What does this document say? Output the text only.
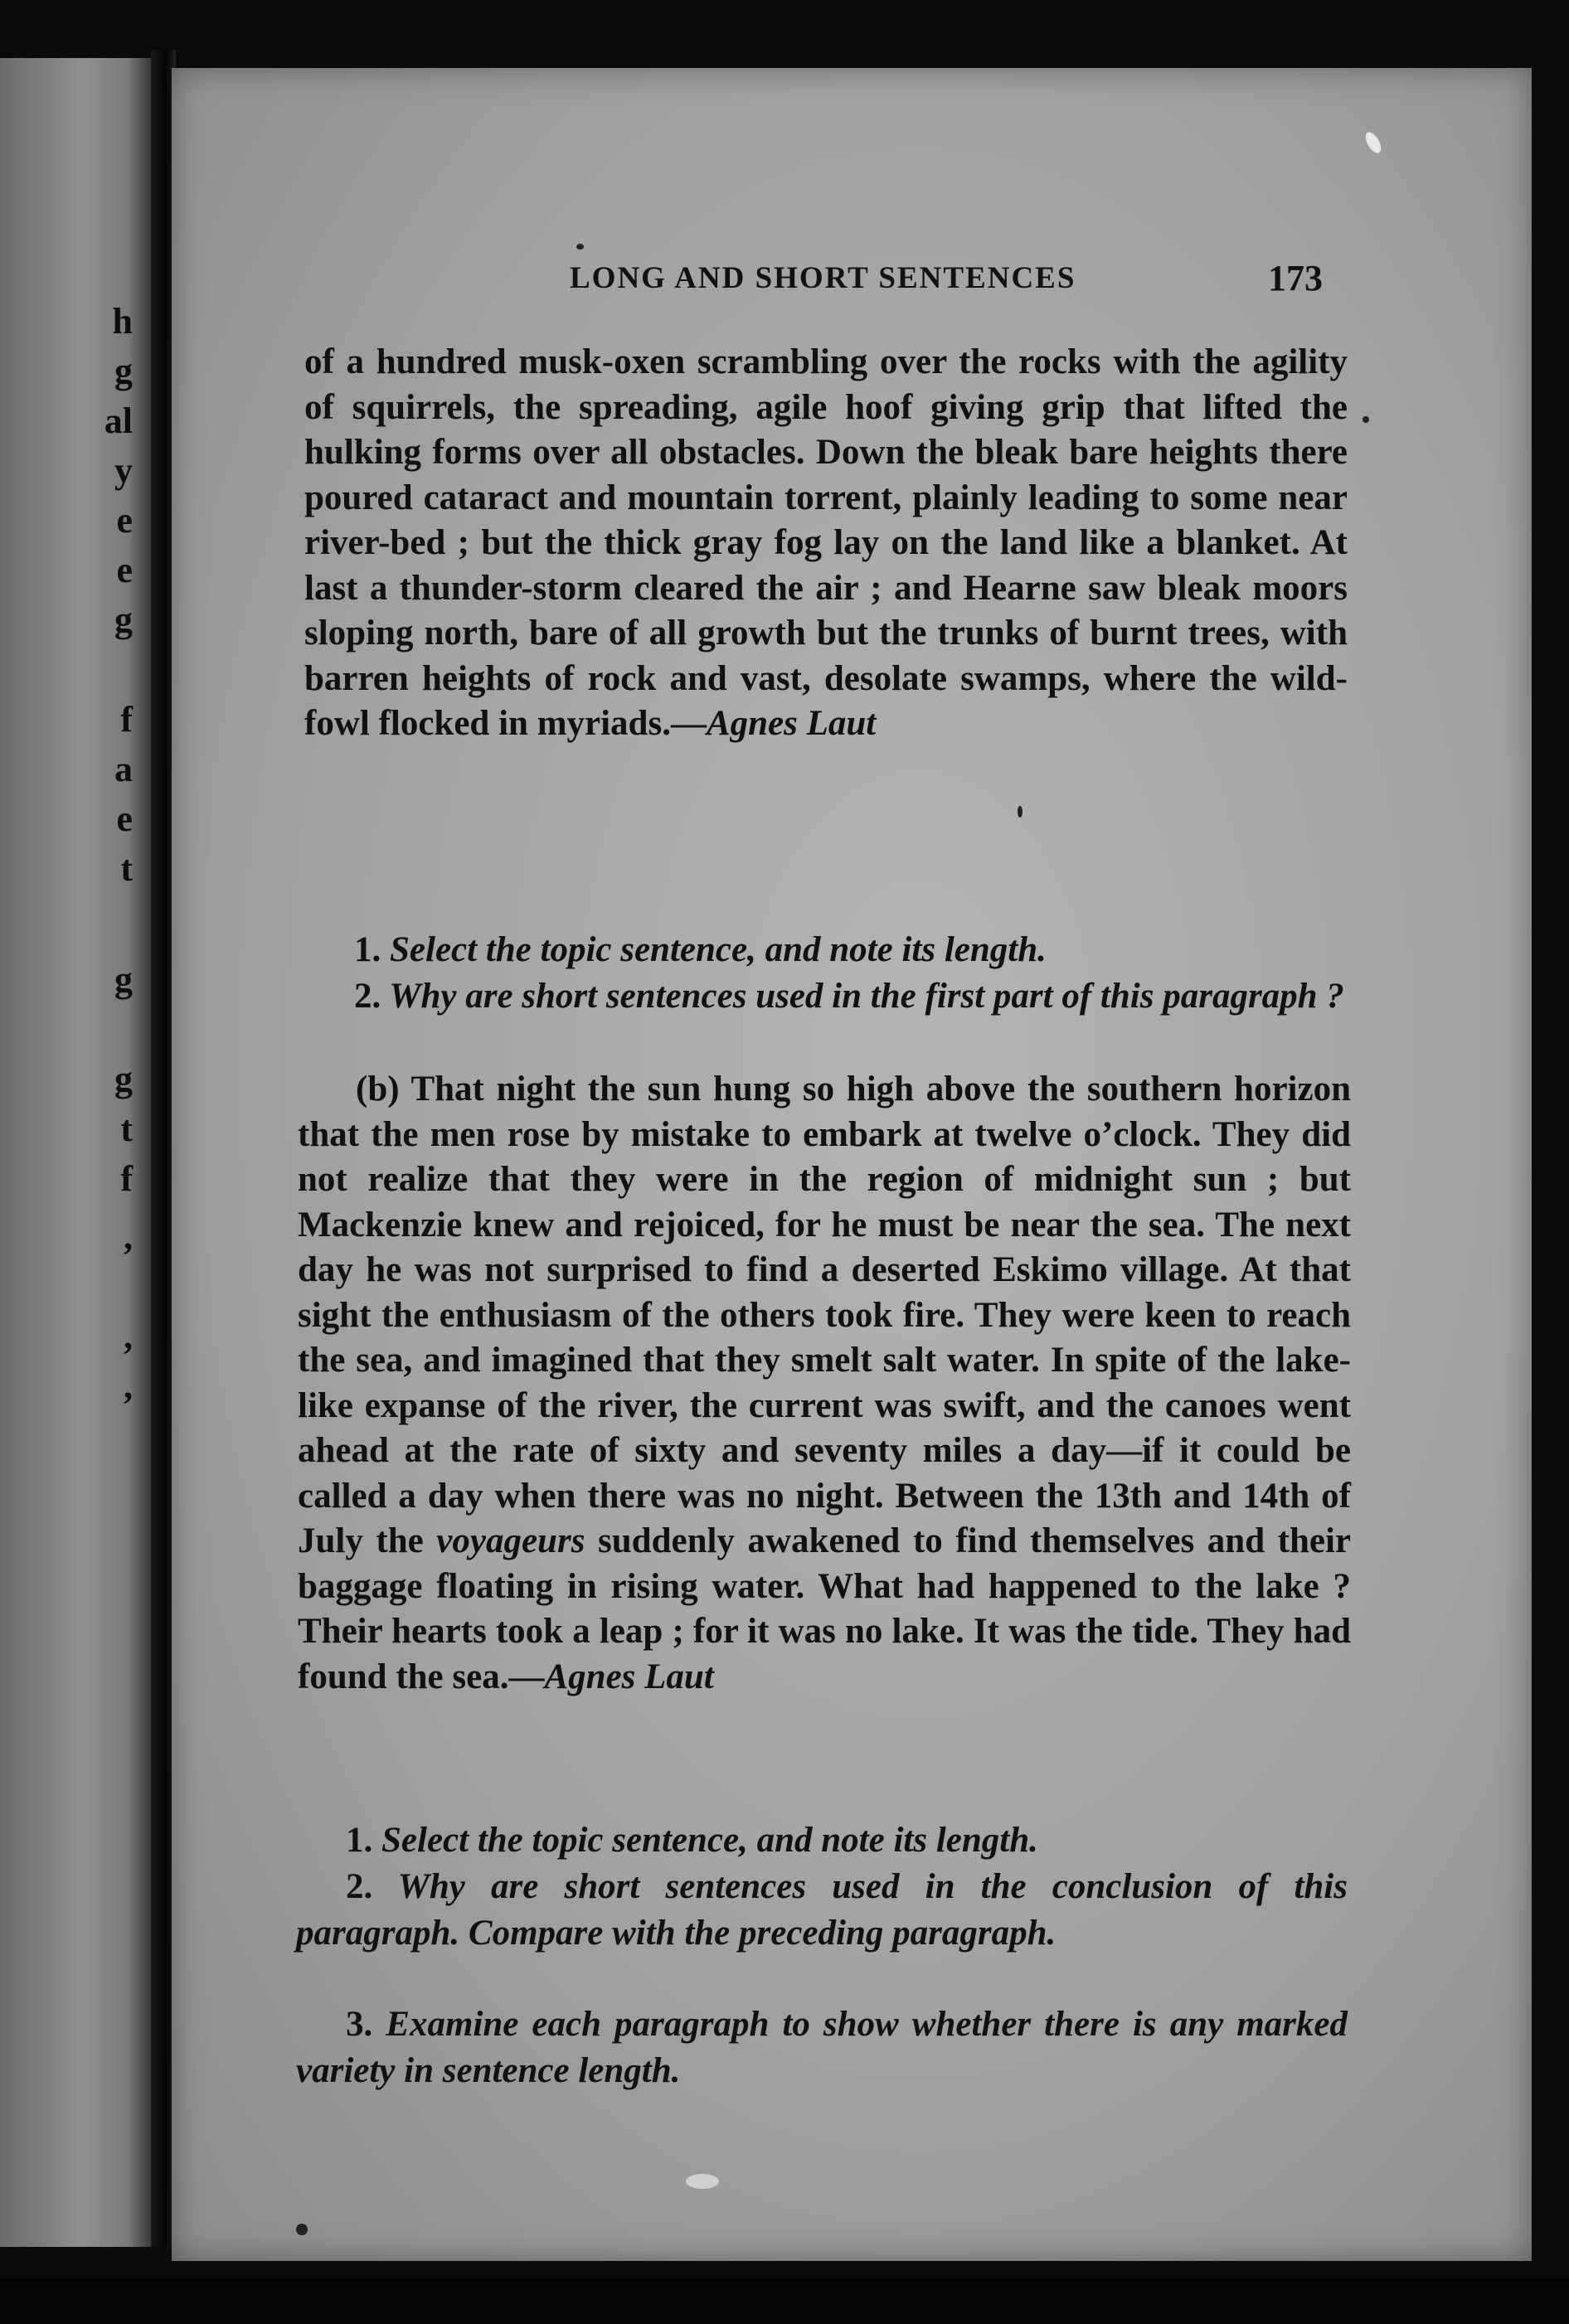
h
g
al
y
e
e
g
f
a
e
t
g
g
t
f
,
,
,
LONG AND SHORT SENTENCES	173

of a hundred musk-oxen scrambling over the rocks with the agility of squirrels, the spreading, agile hoof giving grip that lifted the hulking forms over all obstacles. Down the bleak bare heights there poured cataract and mountain torrent, plainly leading to some near river-bed ; but the thick gray fog lay on the land like a blanket. At last a thunder-storm cleared the air ; and Hearne saw bleak moors sloping north, bare of all growth but the trunks of burnt trees, with barren heights of rock and vast, desolate swamps, where the wild-fowl flocked in myriads.—Agnes Laut

1. Select the topic sentence, and note its length.

2. Why are short sentences used in the first part of this paragraph ?

(b) That night the sun hung so high above the southern horizon that the men rose by mistake to embark at twelve o’clock. They did not realize that they were in the region of midnight sun ; but Mackenzie knew and rejoiced, for he must be near the sea. The next day he was not surprised to find a deserted Eskimo village. At that sight the enthusiasm of the others took fire. They were keen to reach the sea, and imagined that they smelt salt water. In spite of the lake-like expanse of the river, the current was swift, and the canoes went ahead at the rate of sixty and seventy miles a day—if it could be called a day when there was no night. Between the 13th and 14th of July the voyageurs suddenly awakened to find themselves and their baggage floating in rising water. What had happened to the lake ? Their hearts took a leap ; for it was no lake. It was the tide. They had found the sea.—Agnes Laut

1. Select the topic sentence, and note its length.

2. Why are short sentences used in the conclusion of this paragraph. Compare with the preceding paragraph.

3. Examine each paragraph to show whether there is any marked variety in sentence length.
